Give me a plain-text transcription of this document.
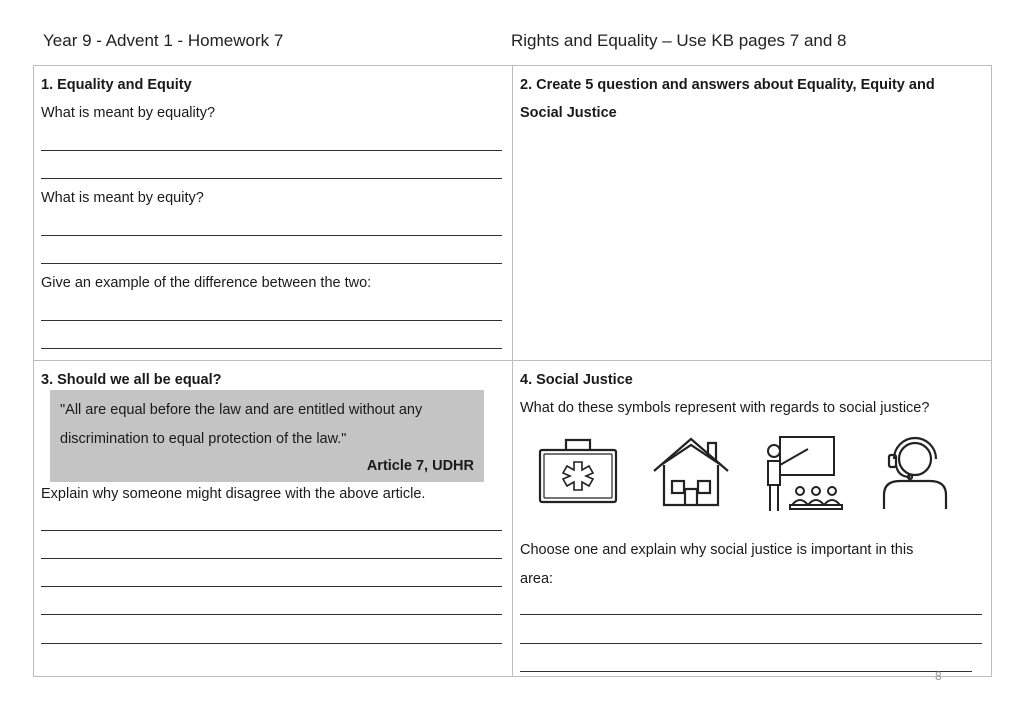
Year 9 - Advent 1 - Homework 7	Rights and Equality – Use KB pages 7 and 8
1. Equality and Equity
What is meant by equality?
What is meant by equity?
Give an example of the difference between the two:
2. Create 5 question and answers about Equality, Equity and
Social Justice
3. Should we all be equal?
"All are equal before the law and are entitled without any
discrimination to equal protection of the law."
Article 7, UDHR
Explain why someone might disagree with the above article.
4. Social Justice
What do these symbols represent with regards to social justice?
Choose one and explain why social justice is important in this
area:
8
